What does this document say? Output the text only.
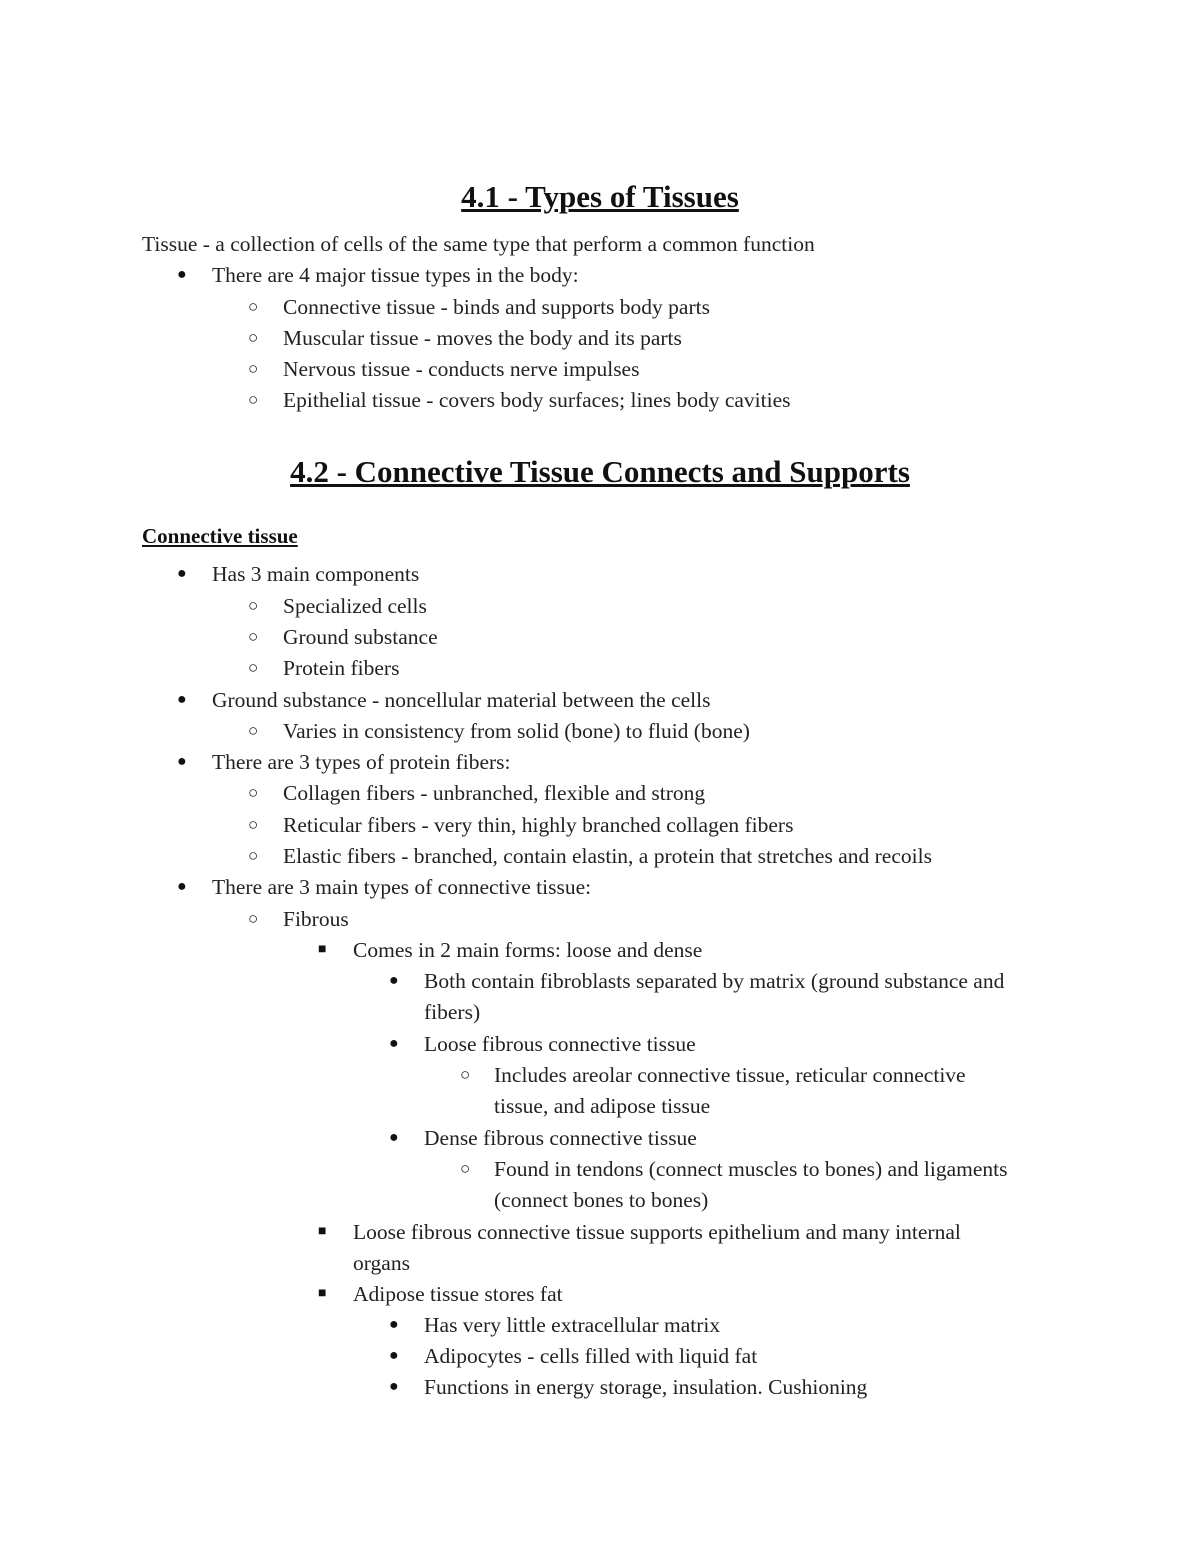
4.1 - Types of Tissues
Tissue - a collection of cells of the same type that perform a common function
● There are 4 major tissue types in the body:
○ Connective tissue - binds and supports body parts
○ Muscular tissue - moves the body and its parts
○ Nervous tissue - conducts nerve impulses
○ Epithelial tissue - covers body surfaces; lines body cavities
4.2 - Connective Tissue Connects and Supports
Connective tissue
● Has 3 main components
○ Specialized cells
○ Ground substance
○ Protein fibers
● Ground substance - noncellular material between the cells
○ Varies in consistency from solid (bone) to fluid (bone)
● There are 3 types of protein fibers:
○ Collagen fibers - unbranched, flexible and strong
○ Reticular fibers - very thin, highly branched collagen fibers
○ Elastic fibers - branched, contain elastin, a protein that stretches and recoils
● There are 3 main types of connective tissue:
○ Fibrous
■ Comes in 2 main forms: loose and dense
● Both contain fibroblasts separated by matrix (ground substance and
fibers)
● Loose fibrous connective tissue
○ Includes areolar connective tissue, reticular connective
tissue, and adipose tissue
● Dense fibrous connective tissue
○ Found in tendons (connect muscles to bones) and ligaments
(connect bones to bones)
■ Loose fibrous connective tissue supports epithelium and many internal
organs
■ Adipose tissue stores fat
● Has very little extracellular matrix
● Adipocytes - cells filled with liquid fat
● Functions in energy storage, insulation. Cushioning
